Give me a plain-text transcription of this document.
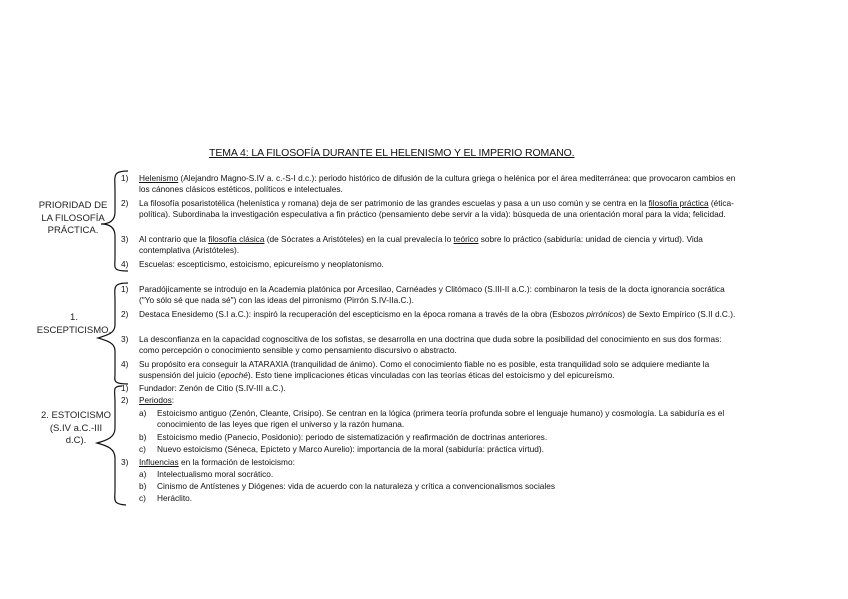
TEMA 4: LA FILOSOFÍA DURANTE EL HELENISMO Y EL IMPERIO ROMANO.
PRIORIDAD DE
LA FILOSOFÍA
PRÁCTICA.
1.
ESCEPTICISMO.
2. ESTOICISMO
(S.IV a.C.-III
d.C).
1) Helenismo (Alejandro Magno-S.IV a. c.-S-I d.c.): periodo histórico de difusión de la cultura griega o helénica por el área mediterránea: que provocaron cambios en los cánones clásicos estéticos, políticos e intelectuales.
2) La filosofía posaristotélica (helenística y romana) deja de ser patrimonio de las grandes escuelas y pasa a un uso común y se centra en la filosofía práctica (ética-política). Subordinaba la investigación especulativa a fin práctico (pensamiento debe servir a la vida): búsqueda de una orientación moral para la vida; felicidad.
3) Al contrario que la filosofía clásica (de Sócrates a Aristóteles) en la cual prevalecía lo teórico sobre lo práctico (sabiduría: unidad de ciencia y virtud). Vida contemplativa (Aristóteles).
4) Escuelas: escepticismo, estoicismo, epicureísmo y neoplatonismo.
1) Paradójicamente se introdujo en la Academia platónica por Arcesilao, Carnéades y Clitómaco (S.III-II a.C.): combinaron la tesis de la docta ignorancia socrática ("Yo sólo sé que nada sé") con las ideas del pirronismo (Pirrón S.IV-IIa.C.).
2) Destaca Enesidemo (S.I a.C.): inspiró la recuperación del escepticismo en la época romana a través de la obra (Esbozos pirrónicos) de Sexto Empírico (S.II d.C.).
3) La desconfianza en la capacidad cognoscitiva de los sofistas, se desarrolla en una doctrina que duda sobre la posibilidad del conocimiento en sus dos formas: como percepción o conocimiento sensible y como pensamiento discursivo o abstracto.
4) Su propósito era conseguir la ATARAXIA (tranquilidad de ánimo). Como el conocimiento fiable no es posible, esta tranquilidad solo se adquiere mediante la suspensión del juicio (epoché). Esto tiene implicaciones éticas vinculadas con las teorías éticas del estoicismo y del epicureísmo.
1) Fundador: Zenón de Citio (S.IV-III a.C.).
2) Periodos:
a) Estoicismo antiguo (Zenón, Cleante, Crisipo). Se centran en la lógica (primera teoría profunda sobre el lenguaje humano) y cosmología. La sabiduría es el conocimiento de las leyes que rigen el universo y la razón humana.
b) Estoicismo medio (Panecio, Posidonio): periodo de sistematización y reafirmación de doctrinas anteriores.
c) Nuevo estoicismo (Séneca, Epicteto y Marco Aurelio): importancia de la moral (sabiduría: práctica virtud).
3) Influencias en la formación de lestoicismo:
a) Intelectualismo moral socrático.
b) Cinismo de Antístenes y Diógenes: vida de acuerdo con la naturaleza y crítica a convencionalismos sociales
c) Heráclito.
